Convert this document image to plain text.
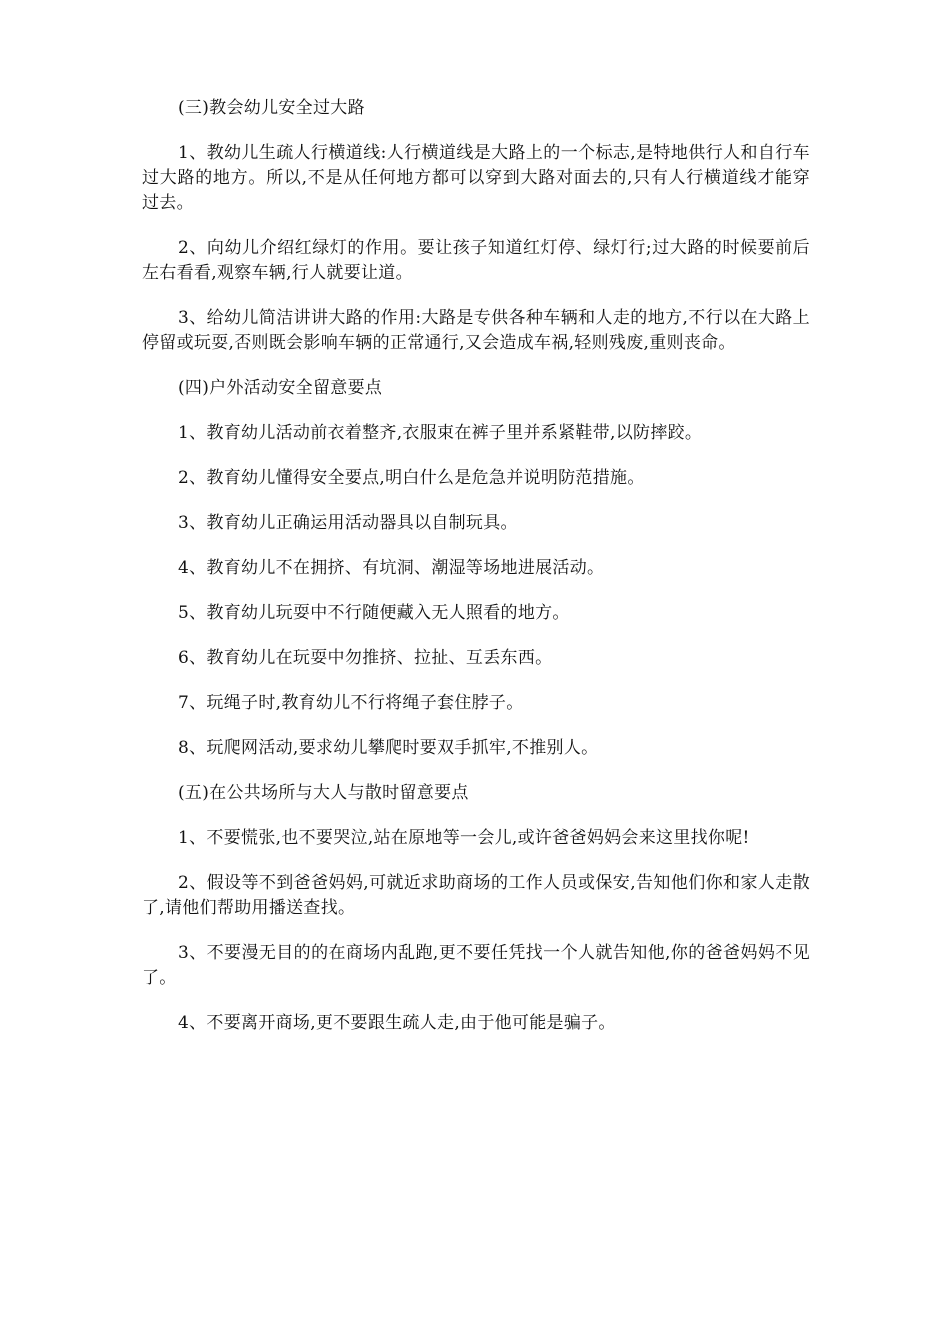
(三)教会幼儿安全过大路

1、教幼儿生疏人行横道线:人行横道线是大路上的一个标志,是特地供行人和自行车过大路的地方。所以,不是从任何地方都可以穿到大路对面去的,只有人行横道线才能穿过去。

2、向幼儿介绍红绿灯的作用。要让孩子知道红灯停、绿灯行;过大路的时候要前后左右看看,观察车辆,行人就要让道。

3、给幼儿简洁讲讲大路的作用:大路是专供各种车辆和人走的地方,不行以在大路上停留或玩耍,否则既会影响车辆的正常通行,又会造成车祸,轻则残废,重则丧命。

(四)户外活动安全留意要点

1、教育幼儿活动前衣着整齐,衣服束在裤子里并系紧鞋带,以防摔跤。

2、教育幼儿懂得安全要点,明白什么是危急并说明防范措施。

3、教育幼儿正确运用活动器具以自制玩具。

4、教育幼儿不在拥挤、有坑洞、潮湿等场地进展活动。

5、教育幼儿玩耍中不行随便藏入无人照看的地方。

6、教育幼儿在玩耍中勿推挤、拉扯、互丢东西。

7、玩绳子时,教育幼儿不行将绳子套住脖子。

8、玩爬网活动,要求幼儿攀爬时要双手抓牢,不推别人。

(五)在公共场所与大人与散时留意要点

1、不要慌张,也不要哭泣,站在原地等一会儿,或许爸爸妈妈会来这里找你呢!

2、假设等不到爸爸妈妈,可就近求助商场的工作人员或保安,告知他们你和家人走散了,请他们帮助用播送查找。

3、不要漫无目的的在商场内乱跑,更不要任凭找一个人就告知他,你的爸爸妈妈不见了。

4、不要离开商场,更不要跟生疏人走,由于他可能是骗子。
